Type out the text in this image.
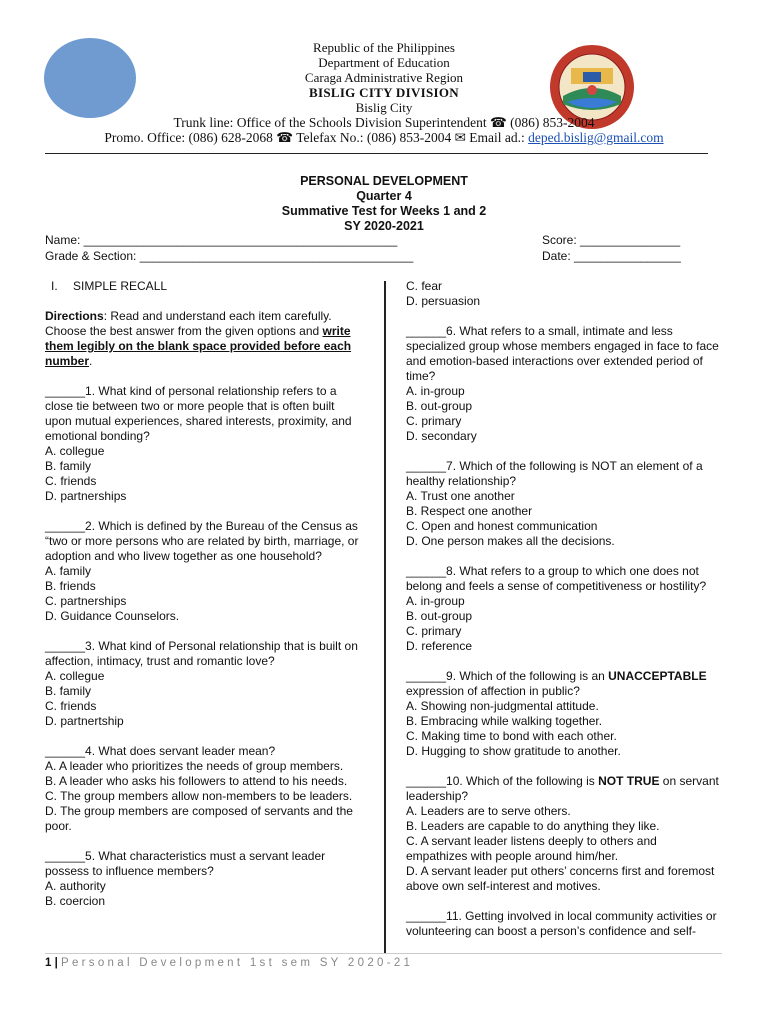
Republic of the Philippines
Department of Education
Caraga Administrative Region
BISLIG CITY DIVISION
Bislig City
Trunk line: Office of the Schools Division Superintendent ☎ (086) 853-2004
Promo. Office: (086) 628-2068 ☎ Telefax No.: (086) 853-2004 ✉ Email ad.: deped.bislig@gmail.com
PERSONAL DEVELOPMENT
Quarter 4
Summative Test for Weeks 1 and 2
SY 2020-2021
Name: _______________________________________________
Grade & Section: _________________________________________
Score: _______________
Date: ________________

I. SIMPLE RECALL

Directions: Read and understand each item carefully. Choose the best answer from the given options and write them legibly on the blank space provided before each number.

______1. What kind of personal relationship refers to a close tie between two or more people that is often built upon mutual experiences, shared interests, proximity, and emotional bonding?

A. collegue

B. family

C. friends

D. partnerships

______2. Which is defined by the Bureau of the Census as “two or more persons who are related by birth, marriage, or adoption and who livew together as one household?

A. family

B. friends

C. partnerships

D. Guidance Counselors.

______3. What kind of Personal relationship that is built on affection, intimacy, trust and romantic love?

A. collegue

B. family

C. friends

D. partnertship

______4. What does servant leader mean?

A. A leader who prioritizes the needs of group members.

B. A leader who asks his followers to attend to his needs.

C. The group members allow non-members to be leaders.

D. The group members are composed of servants and the poor.

______5. What characteristics must a servant leader possess to influence members?

A. authority

B. coercion

C. fear

D. persuasion

______6. What refers to a small, intimate and less specialized group whose members engaged in face to face and emotion-based interactions over extended period of time?

A. in-group

B. out-group

C. primary

D. secondary

______7. Which of the following is NOT an element of a healthy relationship?

A. Trust one another

B. Respect one another

C. Open and honest communication

D. One person makes all the decisions.

______8. What refers to a group to which one does not belong and feels a sense of competitiveness or hostility?

A. in-group

B. out-group

C. primary

D. reference

______9. Which of the following is an UNACCEPTABLE expression of affection in public?

A. Showing non-judgmental attitude.

B. Embracing while walking together.

C. Making time to bond with each other.

D. Hugging to show gratitude to another.

______10. Which of the following is NOT TRUE on servant leadership?

A. Leaders are to serve others.

B. Leaders are capable to do anything they like.

C. A servant leader listens deeply to others and empathizes with people around him/her.

D. A servant leader put others’ concerns first and foremost above own self-interest and motives.

______11. Getting involved in local community activities or volunteering can boost a person’s confidence and self-

1 | Personal Development 1st sem SY 2020-21
